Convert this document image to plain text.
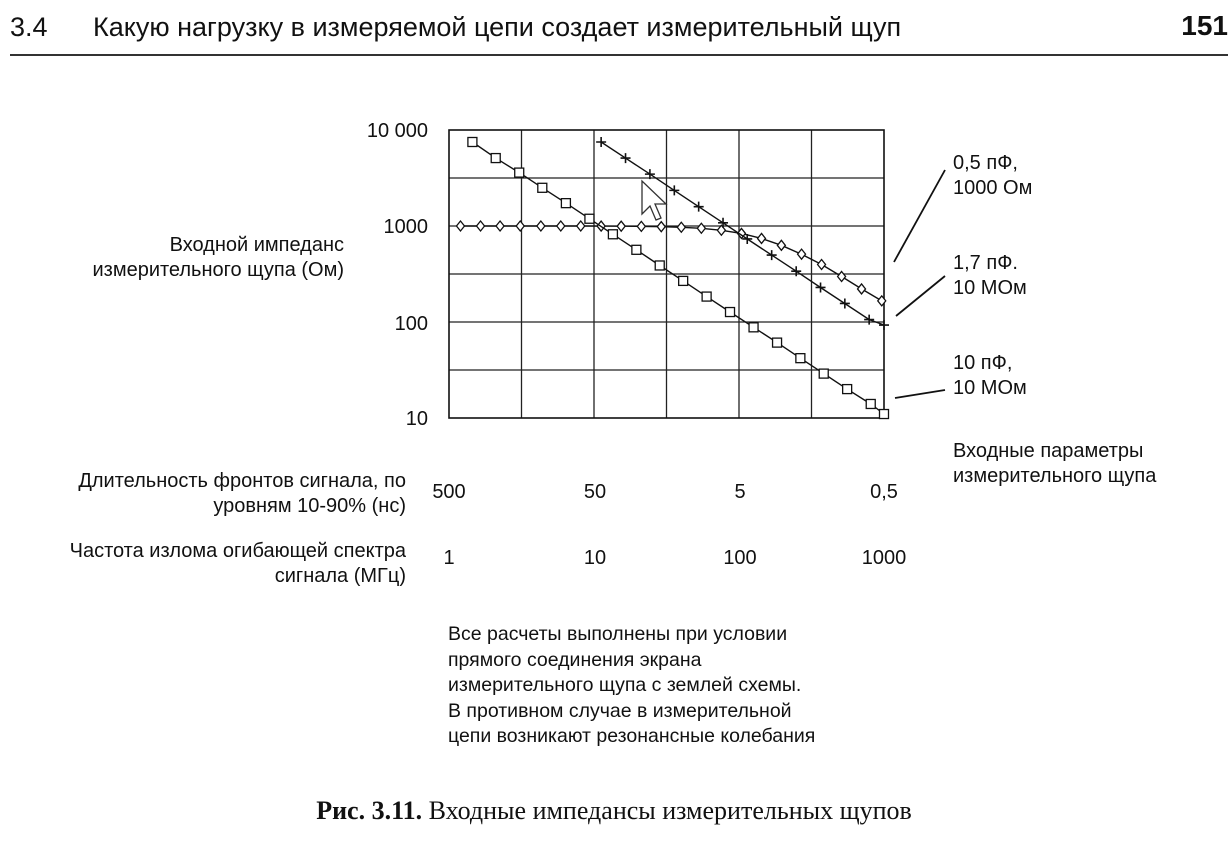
3.4 Какую нагрузку в измеряемой цепи создает измерительный щуп	151
Входной импеданс измерительного щупа (Ом)
10 000
1000
100
10
Длительность фронтов сигнала, по уровням 10-90% (нс)
500	50	5	0,5
Частота излома огибающей спектра сигнала (МГц)
1	10	100	1000
0,5 пФ,
1000 Ом
1,7 пФ.
10 МОм
10 пФ,
10 МОм
Входные параметры измерительного щупа
Все расчеты выполнены при условии
прямого соединения экрана
измерительного щупа с землей схемы.
В противном случае в измерительной
цепи возникают резонансные колебания
Рис. 3.11. Входные импедансы измерительных щупов
